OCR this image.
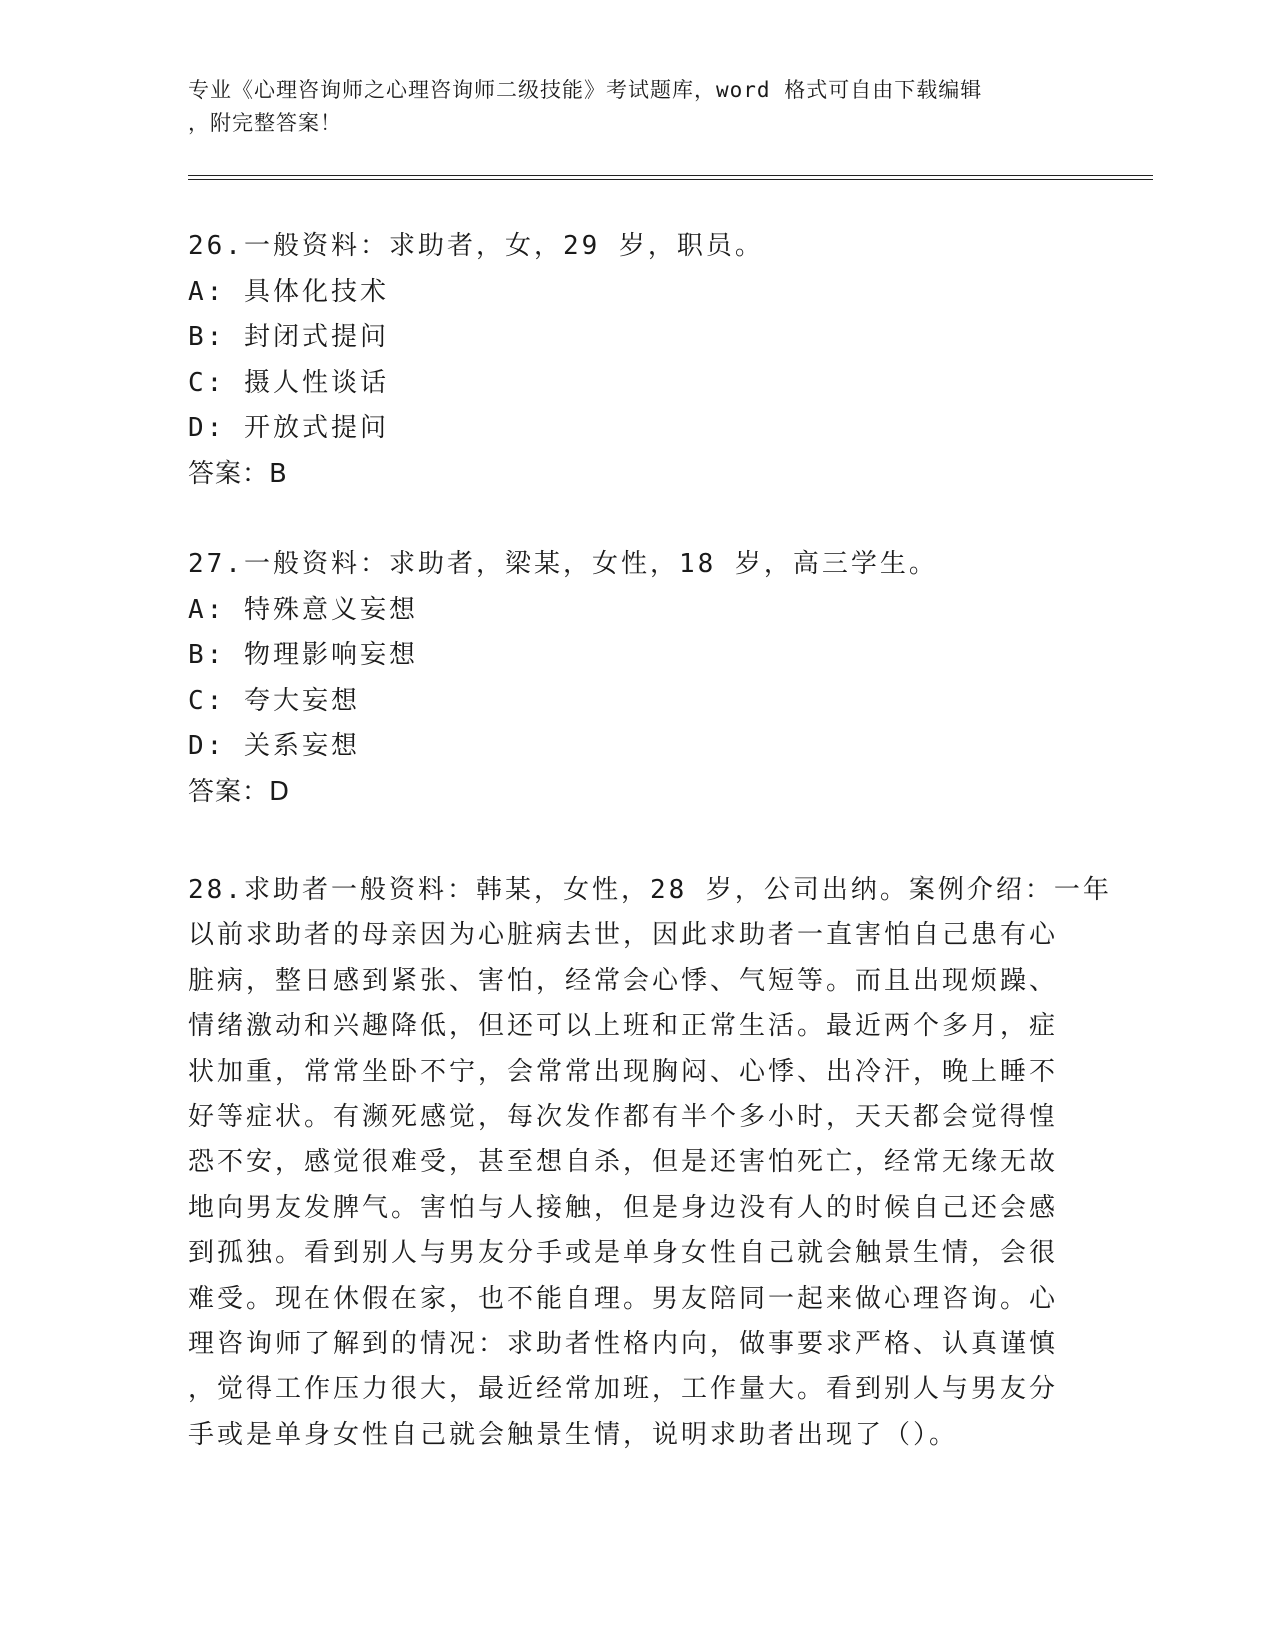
专业《心理咨询师之心理咨询师二级技能》考试题库，word 格式可自由下载编辑
，附完整答案！
26.一般资料：求助者，女，29 岁，职员。
A: 具体化技术
B: 封闭式提问
C: 摄人性谈话
D: 开放式提问
答案：B
27.一般资料：求助者，梁某，女性，18 岁，高三学生。
A: 特殊意义妄想
B: 物理影响妄想
C: 夸大妄想
D: 关系妄想
答案：D
28.求助者一般资料：韩某，女性，28 岁，公司出纳。案例介绍：一年
以前求助者的母亲因为心脏病去世，因此求助者一直害怕自己患有心
脏病，整日感到紧张、害怕，经常会心悸、气短等。而且出现烦躁、
情绪激动和兴趣降低，但还可以上班和正常生活。最近两个多月，症
状加重，常常坐卧不宁，会常常出现胸闷、心悸、出冷汗，晚上睡不
好等症状。有濒死感觉，每次发作都有半个多小时，天天都会觉得惶
恐不安，感觉很难受，甚至想自杀，但是还害怕死亡，经常无缘无故
地向男友发脾气。害怕与人接触，但是身边没有人的时候自己还会感
到孤独。看到别人与男友分手或是单身女性自己就会触景生情，会很
难受。现在休假在家，也不能自理。男友陪同一起来做心理咨询。心
理咨询师了解到的情况：求助者性格内向，做事要求严格、认真谨慎
，觉得工作压力很大，最近经常加班，工作量大。看到别人与男友分
手或是单身女性自己就会触景生情，说明求助者出现了（）。
